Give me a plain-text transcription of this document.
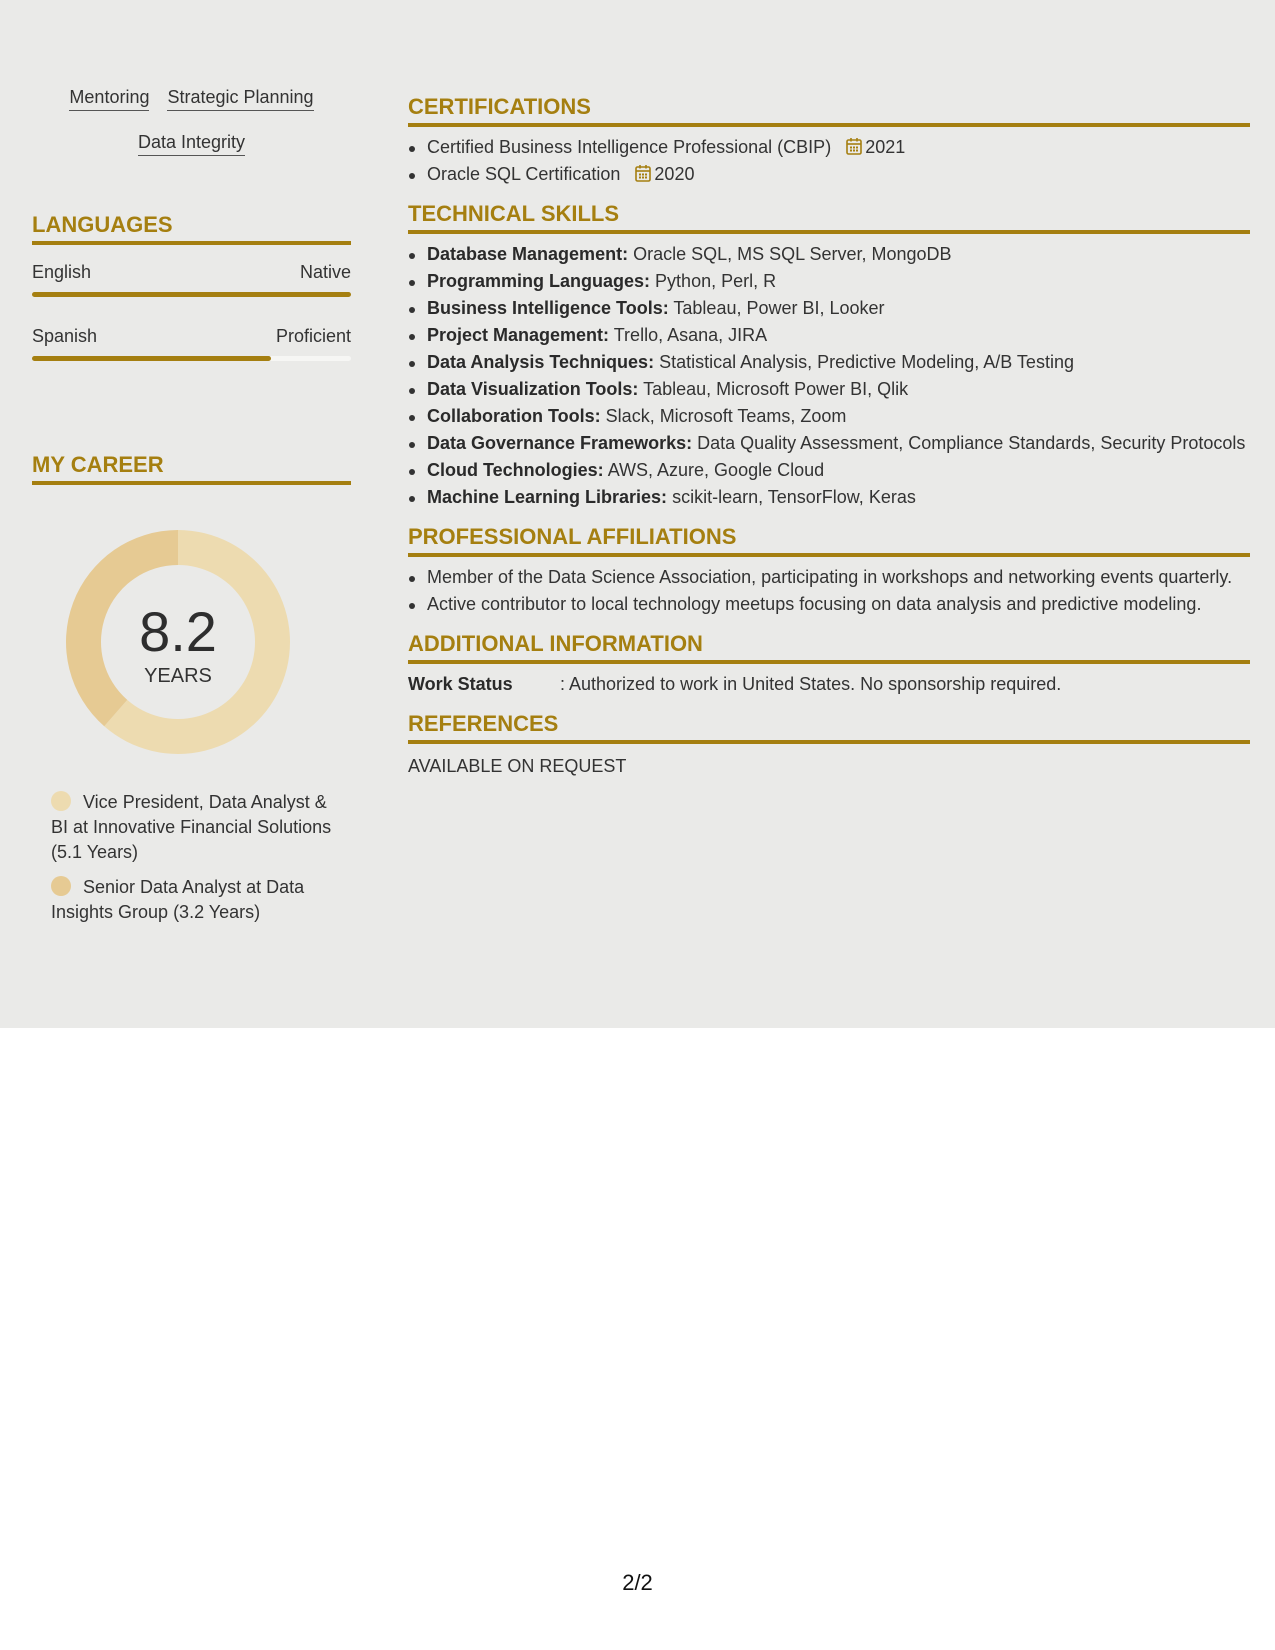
Mentoring Strategic Planning
Data Integrity
LANGUAGES
English	Native
Spanish	Proficient
MY CAREER
8.2
YEARS
Vice President, Data Analyst & BI at Innovative Financial Solutions (5.1 Years)
Senior Data Analyst at Data Insights Group (3.2 Years)
CERTIFICATIONS
Certified Business Intelligence Professional (CBIP) 2021
Oracle SQL Certification 2020
TECHNICAL SKILLS
Database Management: Oracle SQL, MS SQL Server, MongoDB
Programming Languages: Python, Perl, R
Business Intelligence Tools: Tableau, Power BI, Looker
Project Management: Trello, Asana, JIRA
Data Analysis Techniques: Statistical Analysis, Predictive Modeling, A/B Testing
Data Visualization Tools: Tableau, Microsoft Power BI, Qlik
Collaboration Tools: Slack, Microsoft Teams, Zoom
Data Governance Frameworks: Data Quality Assessment, Compliance Standards, Security Protocols
Cloud Technologies: AWS, Azure, Google Cloud
Machine Learning Libraries: scikit-learn, TensorFlow, Keras
PROFESSIONAL AFFILIATIONS
Member of the Data Science Association, participating in workshops and networking events quarterly.
Active contributor to local technology meetups focusing on data analysis and predictive modeling.
ADDITIONAL INFORMATION
Work Status	: Authorized to work in United States. No sponsorship required.
REFERENCES
AVAILABLE ON REQUEST
2/2
